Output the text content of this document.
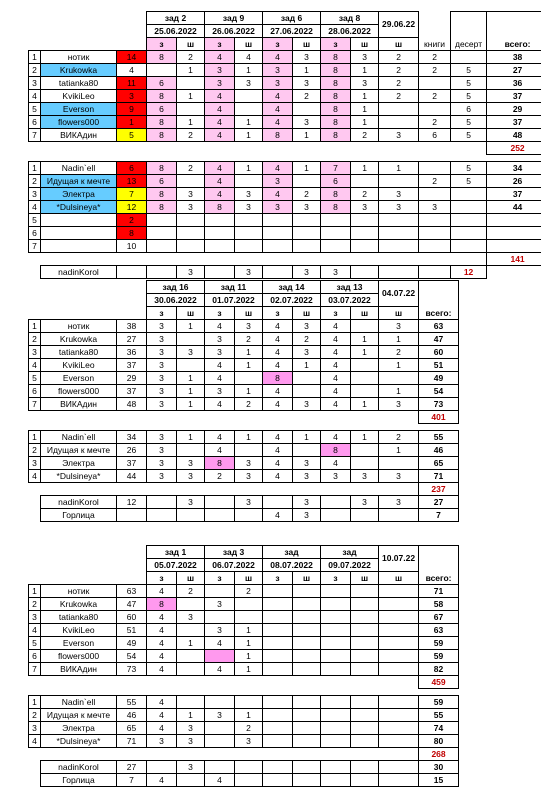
			зад 2		зад 9		зад 6		зад 8		29.06.22	книги	десерт	всего:
			25.06.2022		26.06.2022		27.06.2022		28.06.2022					
			з	ш	з	ш	з	ш	з	ш	ш			
1	нотик	14	8	2	4	4	4	3	8	3	2	2		38
2	Krukowka	4		1	3	1	3	1	8	1	2	2	5	27
3	tatianka80	11	6		3	3	3	3	8	3	2		5	36
4	KvikiLeo	3	8	1	4		4	2	8	1	2	2	5	37
5	Everson	9	6		4		4		8	1			6	29
6	flowers000	1	8	1	4	1	4	3	8	1		2	5	37
7	ВИКАдин	5	8	2	4	1	8	1	8	2	3	6	5	48
														252

1	Nadin`ell	6	8	2	4	1	4	1	7	1	1		5	34
2	Идущая к мечте	13	6		4		3		6			2	5	26
3	Электра	7	8	3	4	3	4	2	8	2	3			37
4	*Dulsineya*	12	8	3	8	3	3	3	8	3	3	3		44
5		2												
6		8												
7		10												
														141
	nadinKorol			3		3		3	3				12	
			зад 16		зад 11		зад 14		зад 13		04.07.22	всего:
			30.06.2022		01.07.2022		02.07.2022		03.07.2022			
			з	ш	з	ш	з	ш	з	ш	ш	
1	нотик	38	3	1	4	3	4	3	4		3	63
2	Krukowka	27	3		3	2	4	2	4	1	1	47
3	tatianka80	36	3	3	3	1	4	3	4	1	2	60
4	KvikiLeo	37	3		4	1	4	1	4		1	51
5	Everson	29	3	1	4		8		4			49
6	flowers000	37	3	1	3	1	4		4		1	54
7	ВИКАдин	48	3	1	4	2	4	3	4	1	3	73
												401

1	Nadin`ell	34	3	1	4	1	4	1	4	1	2	55
2	Идущая к мечте	26	3		4		4		8		1	46
3	Электра	37	3	3	8	3	4	3	4			65
4	*Dulsineya*	44	3	3	2	3	4	3	3	3	3	71
												237
	nadinKorol	12		3		3		3		3	3	27
	Горлица						4	3				7
			зад 1		зад 3		зад		зад		10.07.22	всего:
			05.07.2022		06.07.2022		08.07.2022		09.07.2022			
			з	ш	з	ш	з	ш	з	ш	ш	
1	нотик	63	4	2		2						71
2	Krukowka	47	8		3							58
3	tatianka80	60	4	3								67
4	KvikiLeo	51	4		3	1						63
5	Everson	49	4	1	4	1						59
6	flowers000	54	4			1						59
7	ВИКАдин	73	4		4	1						82
												459

1	Nadin`ell	55	4									59
2	Идущая к мечте	46	4	1	3	1						55
3	Электра	65	4	3		2						74
4	*Dulsineya*	71	3	3		3						80
												268
	nadinKorol	27		3								30
	Горлица	7	4		4							15
